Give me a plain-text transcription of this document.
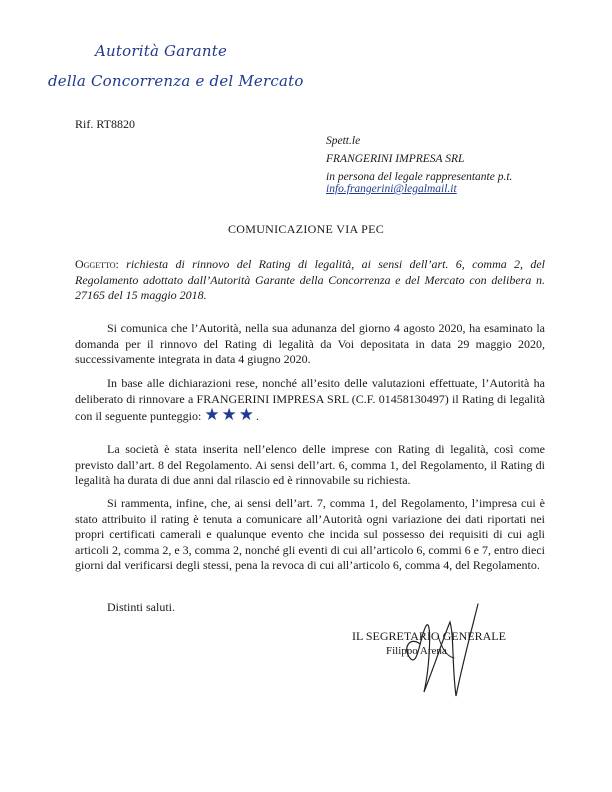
Autorità Garante
della Concorrenza e del Mercato
Rif. RT8820
Spett.le
FRANGERINI IMPRESA SRL
in persona del legale rappresentante p.t.
info.frangerini@legalmail.it
COMUNICAZIONE VIA PEC
Oggetto: richiesta di rinnovo del Rating di legalità, ai sensi dell’art. 6, comma 2, del Regolamento adottato dall’Autorità Garante della Concorrenza e del Mercato con delibera n. 27165 del 15 maggio 2018.
Si comunica che l’Autorità, nella sua adunanza del giorno 4 agosto 2020, ha esaminato la domanda per il rinnovo del Rating di legalità da Voi depositata in data 29 maggio 2020, successivamente integrata in data 4 giugno 2020.
In base alle dichiarazioni rese, nonché all’esito delle valutazioni effettuate, l’Autorità ha deliberato di rinnovare a FRANGERINI IMPRESA SRL (C.F. 01458130497) il Rating di legalità con il seguente punteggio: ★★★.
La società è stata inserita nell’elenco delle imprese con Rating di legalità, così come previsto dall’art. 8 del Regolamento. Ai sensi dell’art. 6, comma 1, del Regolamento, il Rating di legalità ha durata di due anni dal rilascio ed è rinnovabile su richiesta.
Si rammenta, infine, che, ai sensi dell’art. 7, comma 1, del Regolamento, l’impresa cui è stato attribuito il rating è tenuta a comunicare all’Autorità ogni variazione dei dati riportati nei propri certificati camerali e qualunque evento che incida sul possesso dei requisiti di cui agli articoli 2, comma 2, e 3, comma 2, nonché gli eventi di cui all’articolo 6, commi 6 e 7, entro dieci giorni dal verificarsi degli stessi, pena la revoca di cui all’articolo 6, comma 4, del Regolamento.
Distinti saluti.
IL SEGRETARIO GENERALE
Filippo Arena
